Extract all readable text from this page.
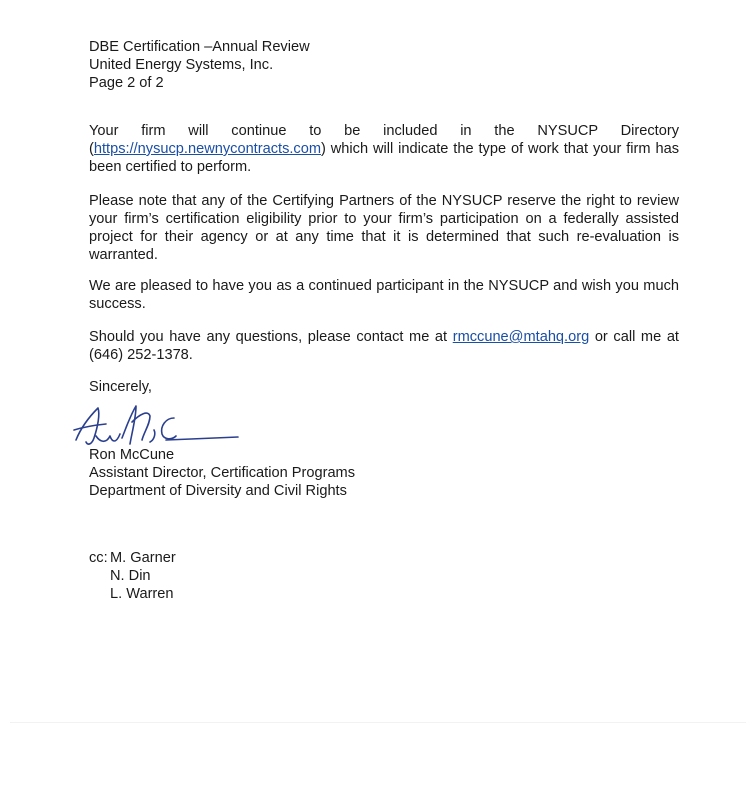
DBE Certification –Annual Review
United Energy Systems, Inc.
Page 2 of 2
Your firm will continue to be included in the NYSUCP Directory
(https://nysucp.newnycontracts.com) which will indicate the type of work that your firm has been certified to perform.
Please note that any of the Certifying Partners of the NYSUCP reserve the right to review your firm’s certification eligibility prior to your firm’s participation on a federally assisted project for their agency or at any time that it is determined that such re-evaluation is warranted.
We are pleased to have you as a continued participant in the NYSUCP and wish you much success.
Should you have any questions, please contact me at rmccune@mtahq.org or call me at (646) 252-1378.
Sincerely,
Ron McCune
Assistant Director, Certification Programs
Department of Diversity and Civil Rights
cc: M. Garner
N. Din
L. Warren
